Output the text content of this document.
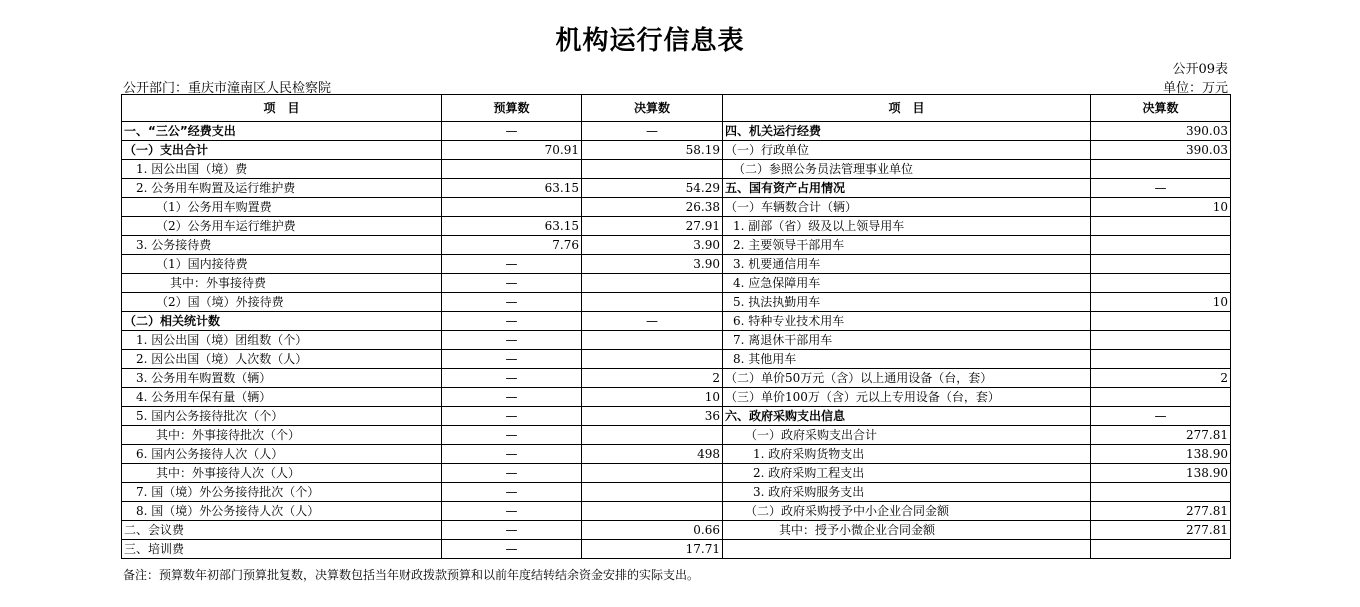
机构运行信息表
公开09表
单位：万元
公开部门：重庆市潼南区人民检察院
项　目	预算数	决算数	项　目	决算数
一、“三公”经费支出	—	—	四、机关运行经费	390.03
（一）支出合计	70.91	58.19	（一）行政单位	390.03
1. 因公出国（境）费			（二）参照公务员法管理事业单位	
2. 公务用车购置及运行维护费	63.15	54.29	五、国有资产占用情况	—
（1）公务用车购置费		26.38	（一）车辆数合计（辆）	10
（2）公务用车运行维护费	63.15	27.91	1. 副部（省）级及以上领导用车	
3. 公务接待费	7.76	3.90	2. 主要领导干部用车	
（1）国内接待费	—	3.90	3. 机要通信用车	
其中：外事接待费	—		4. 应急保障用车	
（2）国（境）外接待费	—		5. 执法执勤用车	10
（二）相关统计数	—	—	6. 特种专业技术用车	
1. 因公出国（境）团组数（个）	—		7. 离退休干部用车	
2. 因公出国（境）人次数（人）	—		8. 其他用车	
3. 公务用车购置数（辆）	—	2	（二）单价50万元（含）以上通用设备（台，套）	2
4. 公务用车保有量（辆）	—	10	（三）单价100万（含）元以上专用设备（台，套）	
5. 国内公务接待批次（个）	—	36	六、政府采购支出信息	—
其中：外事接待批次（个）	—		（一）政府采购支出合计	277.81
6. 国内公务接待人次（人）	—	498	1. 政府采购货物支出	138.90
其中：外事接待人次（人）	—		2. 政府采购工程支出	138.90
7. 国（境）外公务接待批次（个）	—		3. 政府采购服务支出	
8. 国（境）外公务接待人次（人）	—		（二）政府采购授予中小企业合同金额	277.81
二、会议费	—	0.66	其中：授予小微企业合同金额	277.81
三、培训费	—	17.71		
备注：预算数年初部门预算批复数，决算数包括当年财政拨款预算和以前年度结转结余资金安排的实际支出。
